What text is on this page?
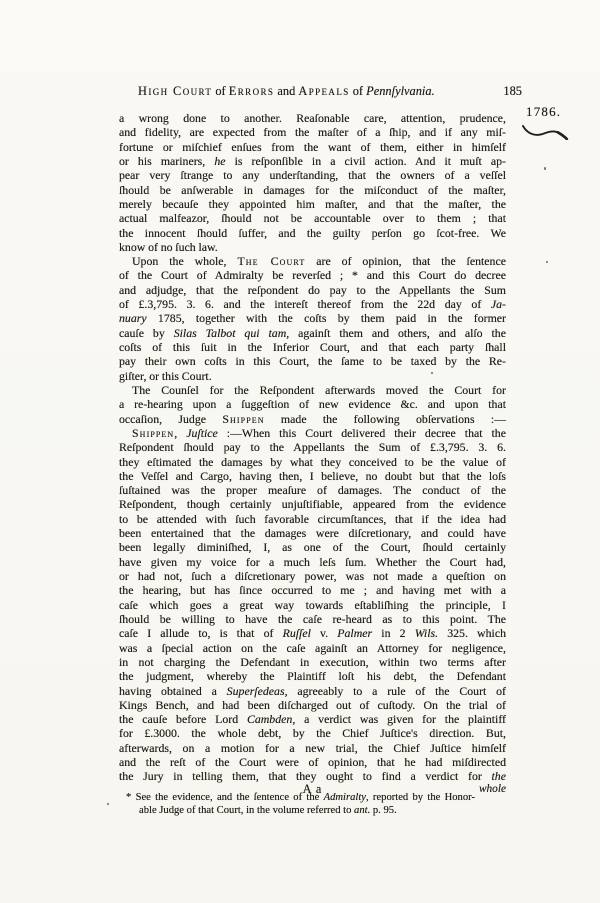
High Court of Errors and Appeals of Pennſylvania.	185
1786.
a wrong done to another. Reaſonable care, attention, prudence,
and fidelity, are expected from the maſter of a ſhip, and if any miſ-
fortune or miſchief enſues from the want of them, either in himſelf
or his mariners, he is reſponſible in a civil action. And it muſt ap-
pear very ſtrange to any underſtanding, that the owners of a veſſel
ſhould be anſwerable in damages for the miſconduct of the maſter,
merely becauſe they appointed him maſter, and that the maſter, the
actual malfeazor, ſhould not be accountable over to them ; that
the innocent ſhould ſuffer, and the guilty perſon go ſcot-free. We
know of no ſuch law.
Upon the whole, The Court are of opinion, that the ſentence
of the Court of Admiralty be reverſed ; * and this Court do decree
and adjudge, that the reſpondent do pay to the Appellants the Sum
of £.3,795. 3. 6. and the intereſt thereof from the 22d day of Ja-
nuary 1785, together with the coſts by them paid in the former
cauſe by Silas Talbot qui tam, againſt them and others, and alſo the
coſts of this ſuit in the Inferior Court, and that each party ſhall
pay their own coſts in this Court, the ſame to be taxed by the Re-
giſter, or this Court.
The Counſel for the Reſpondent afterwards moved the Court for
a re-hearing upon a ſuggeſtion of new evidence &c. and upon that
occaſion, Judge Shippen made the following obſervations :—
Shippen, Juſtice :—When this Court delivered their decree that the
Reſpondent ſhould pay to the Appellants the Sum of £.3,795. 3. 6.
they eſtimated the damages by what they conceived to be the value of
the Veſſel and Cargo, having then, I believe, no doubt but that the loſs
ſuſtained was the proper meaſure of damages. The conduct of the
Reſpondent, though certainly unjuſtifiable, appeared from the evidence
to be attended with ſuch favorable circumſtances, that if the idea had
been entertained that the damages were diſcretionary, and could have
been legally diminiſhed, I, as one of the Court, ſhould certainly
have given my voice for a much leſs ſum. Whether the Court had,
or had not, ſuch a diſcretionary power, was not made a queſtion on
the hearing, but has ſince occurred to me ; and having met with a
caſe which goes a great way towards eſtabliſhing the principle, I
ſhould be willing to have the caſe re-heard as to this point. The
caſe I allude to, is that of Ruſſel v. Palmer in 2 Wils. 325. which
was a ſpecial action on the caſe againſt an Attorney for negligence,
in not charging the Defendant in execution, within two terms after
the judgment, whereby the Plaintiff loſt his debt, the Defendant
having obtained a Superſedeas, agreeably to a rule of the Court of
Kings Bench, and had been diſcharged out of cuſtody. On the trial of
the cauſe before Lord Cambden, a verdict was given for the plaintiff
for £.3000. the whole debt, by the Chief Juſtice's direction. But,
afterwards, on a motion for a new trial, the Chief Juſtice himſelf
and the reſt of the Court were of opinion, that he had miſdirected
the Jury in telling them, that they ought to find a verdict for the
A a	whole
* See the evidence, and the ſentence of the Admiralty, reported by the Honor-
able Judge of that Court, in the volume referred to ant. p. 95.
